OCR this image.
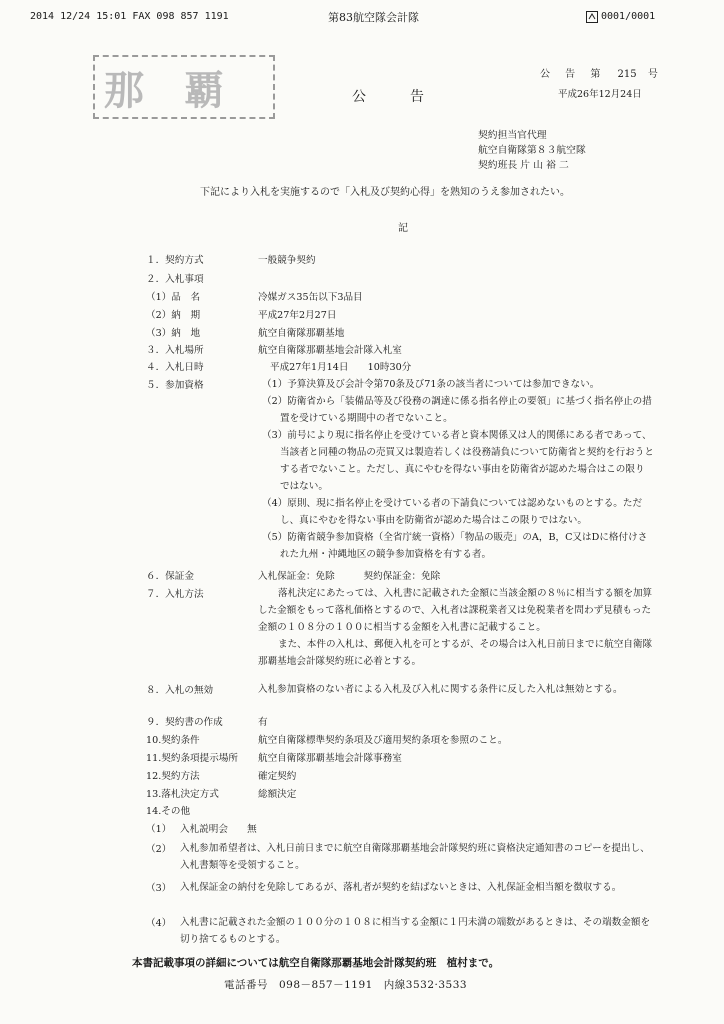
2014 12/24 15:01 FAX 098 857 1191	第83航空隊会計隊	0001/0001
那覇	公 告 第 215 号
平成26年12月24日
公告
契約担当官代理
航空自衛隊第８３航空隊
契約班長 片 山 裕 二
下記により入札を実施するので「入札及び契約心得」を熟知のうえ参加されたい。
記
１．契約方式	一般競争契約
２．入札事項
（1）品　名	冷媒ガス35缶以下3品目
（2）納　期	平成27年2月27日
（3）納　地	航空自衛隊那覇基地
３．入札場所	航空自衛隊那覇基地会計隊入札室
４．入札日時	平成27年1月14日　　10時30分
５．参加資格	（1）予算決算及び会計令第70条及び71条の該当者については参加できない。
（2）防衛省から「装備品等及び役務の調達に係る指名停止の要領」に基づく指名停止の措置を受けている期間中の者でないこと。
（3）前号により現に指名停止を受けている者と資本関係又は人的関係にある者であって、当該者と同種の物品の売買又は製造若しくは役務請負について防衛省と契約を行おうとする者でないこと。ただし、真にやむを得ない事由を防衛省が認めた場合はこの限りではない。
（4）原則、現に指名停止を受けている者の下請負については認めないものとする。ただし、真にやむを得ない事由を防衛省が認めた場合はこの限りではない。
（5）防衛省競争参加資格（全省庁統一資格）「物品の販売」のA，B，C又はDに格付けされた九州・沖縄地区の競争参加資格を有する者。
６．保証金	入札保証金：免除　　　契約保証金：免除
７．入札方法	落札決定にあたっては、入札書に記載された金額に当該金額の８％に相当する額を加算した金額をもって落札価格とするので、入札者は課税業者又は免税業者を問わず見積もった金額の１０８分の１００に相当する金額を入札書に記載すること。
また、本件の入札は、郵便入札を可とするが、その場合は入札日前日までに航空自衛隊那覇基地会計隊契約班に必着とする。
８．入札の無効	入札参加資格のない者による入札及び入札に関する条件に反した入札は無効とする。
９．契約書の作成	有
10.契約条件	航空自衛隊標準契約条項及び適用契約条項を参照のこと。
11.契約条項提示場所 航空自衛隊那覇基地会計隊事務室
12.契約方法	確定契約
13.落札決定方式	総額決定
14.その他
（1） 入札説明会　　無
（2） 入札参加希望者は、入札日前日までに航空自衛隊那覇基地会計隊契約班に資格決定通知書のコピーを提出し、入札書類等を受領すること。
（3） 入札保証金の納付を免除してあるが、落札者が契約を結ばないときは、入札保証金相当額を徴収する。
（4） 入札書に記載された金額の１００分の１０８に相当する金額に１円未満の端数があるときは、その端数金額を切り捨てるものとする。
本書記載事項の詳細については航空自衛隊那覇基地会計隊契約班　植村まで。
電話番号　098－857－1191　内線3532·3533
